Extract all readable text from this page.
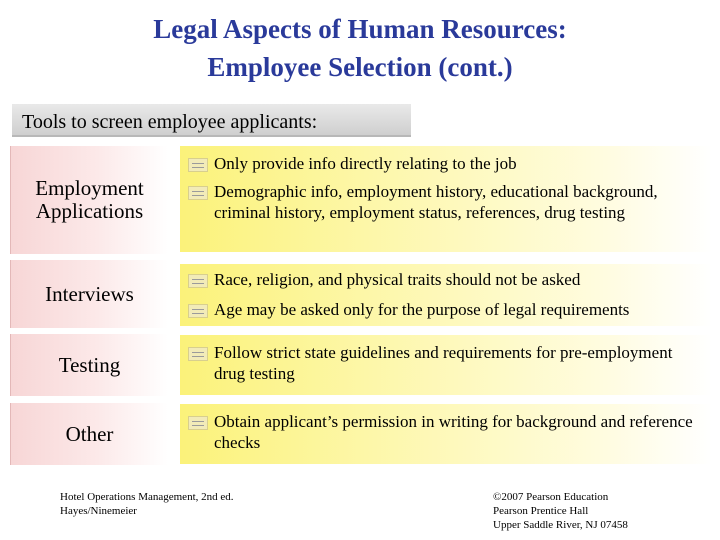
Legal Aspects of Human Resources:
Employee Selection (cont.)
Tools to screen employee applicants:
Employment Applications
Only provide info directly relating to the job
Demographic info, employment history, educational background, criminal history, employment status, references, drug testing
Interviews
Race, religion, and physical traits should not be asked
Age may be asked only for the purpose of legal requirements
Testing	Follow strict state guidelines and requirements for pre-employment drug testing
Other	Obtain applicant’s permission in writing for background and reference checks
Hotel Operations Management, 2nd ed.
Hayes/Ninemeier
©2007 Pearson Education
Pearson Prentice Hall
Upper Saddle River, NJ 07458
